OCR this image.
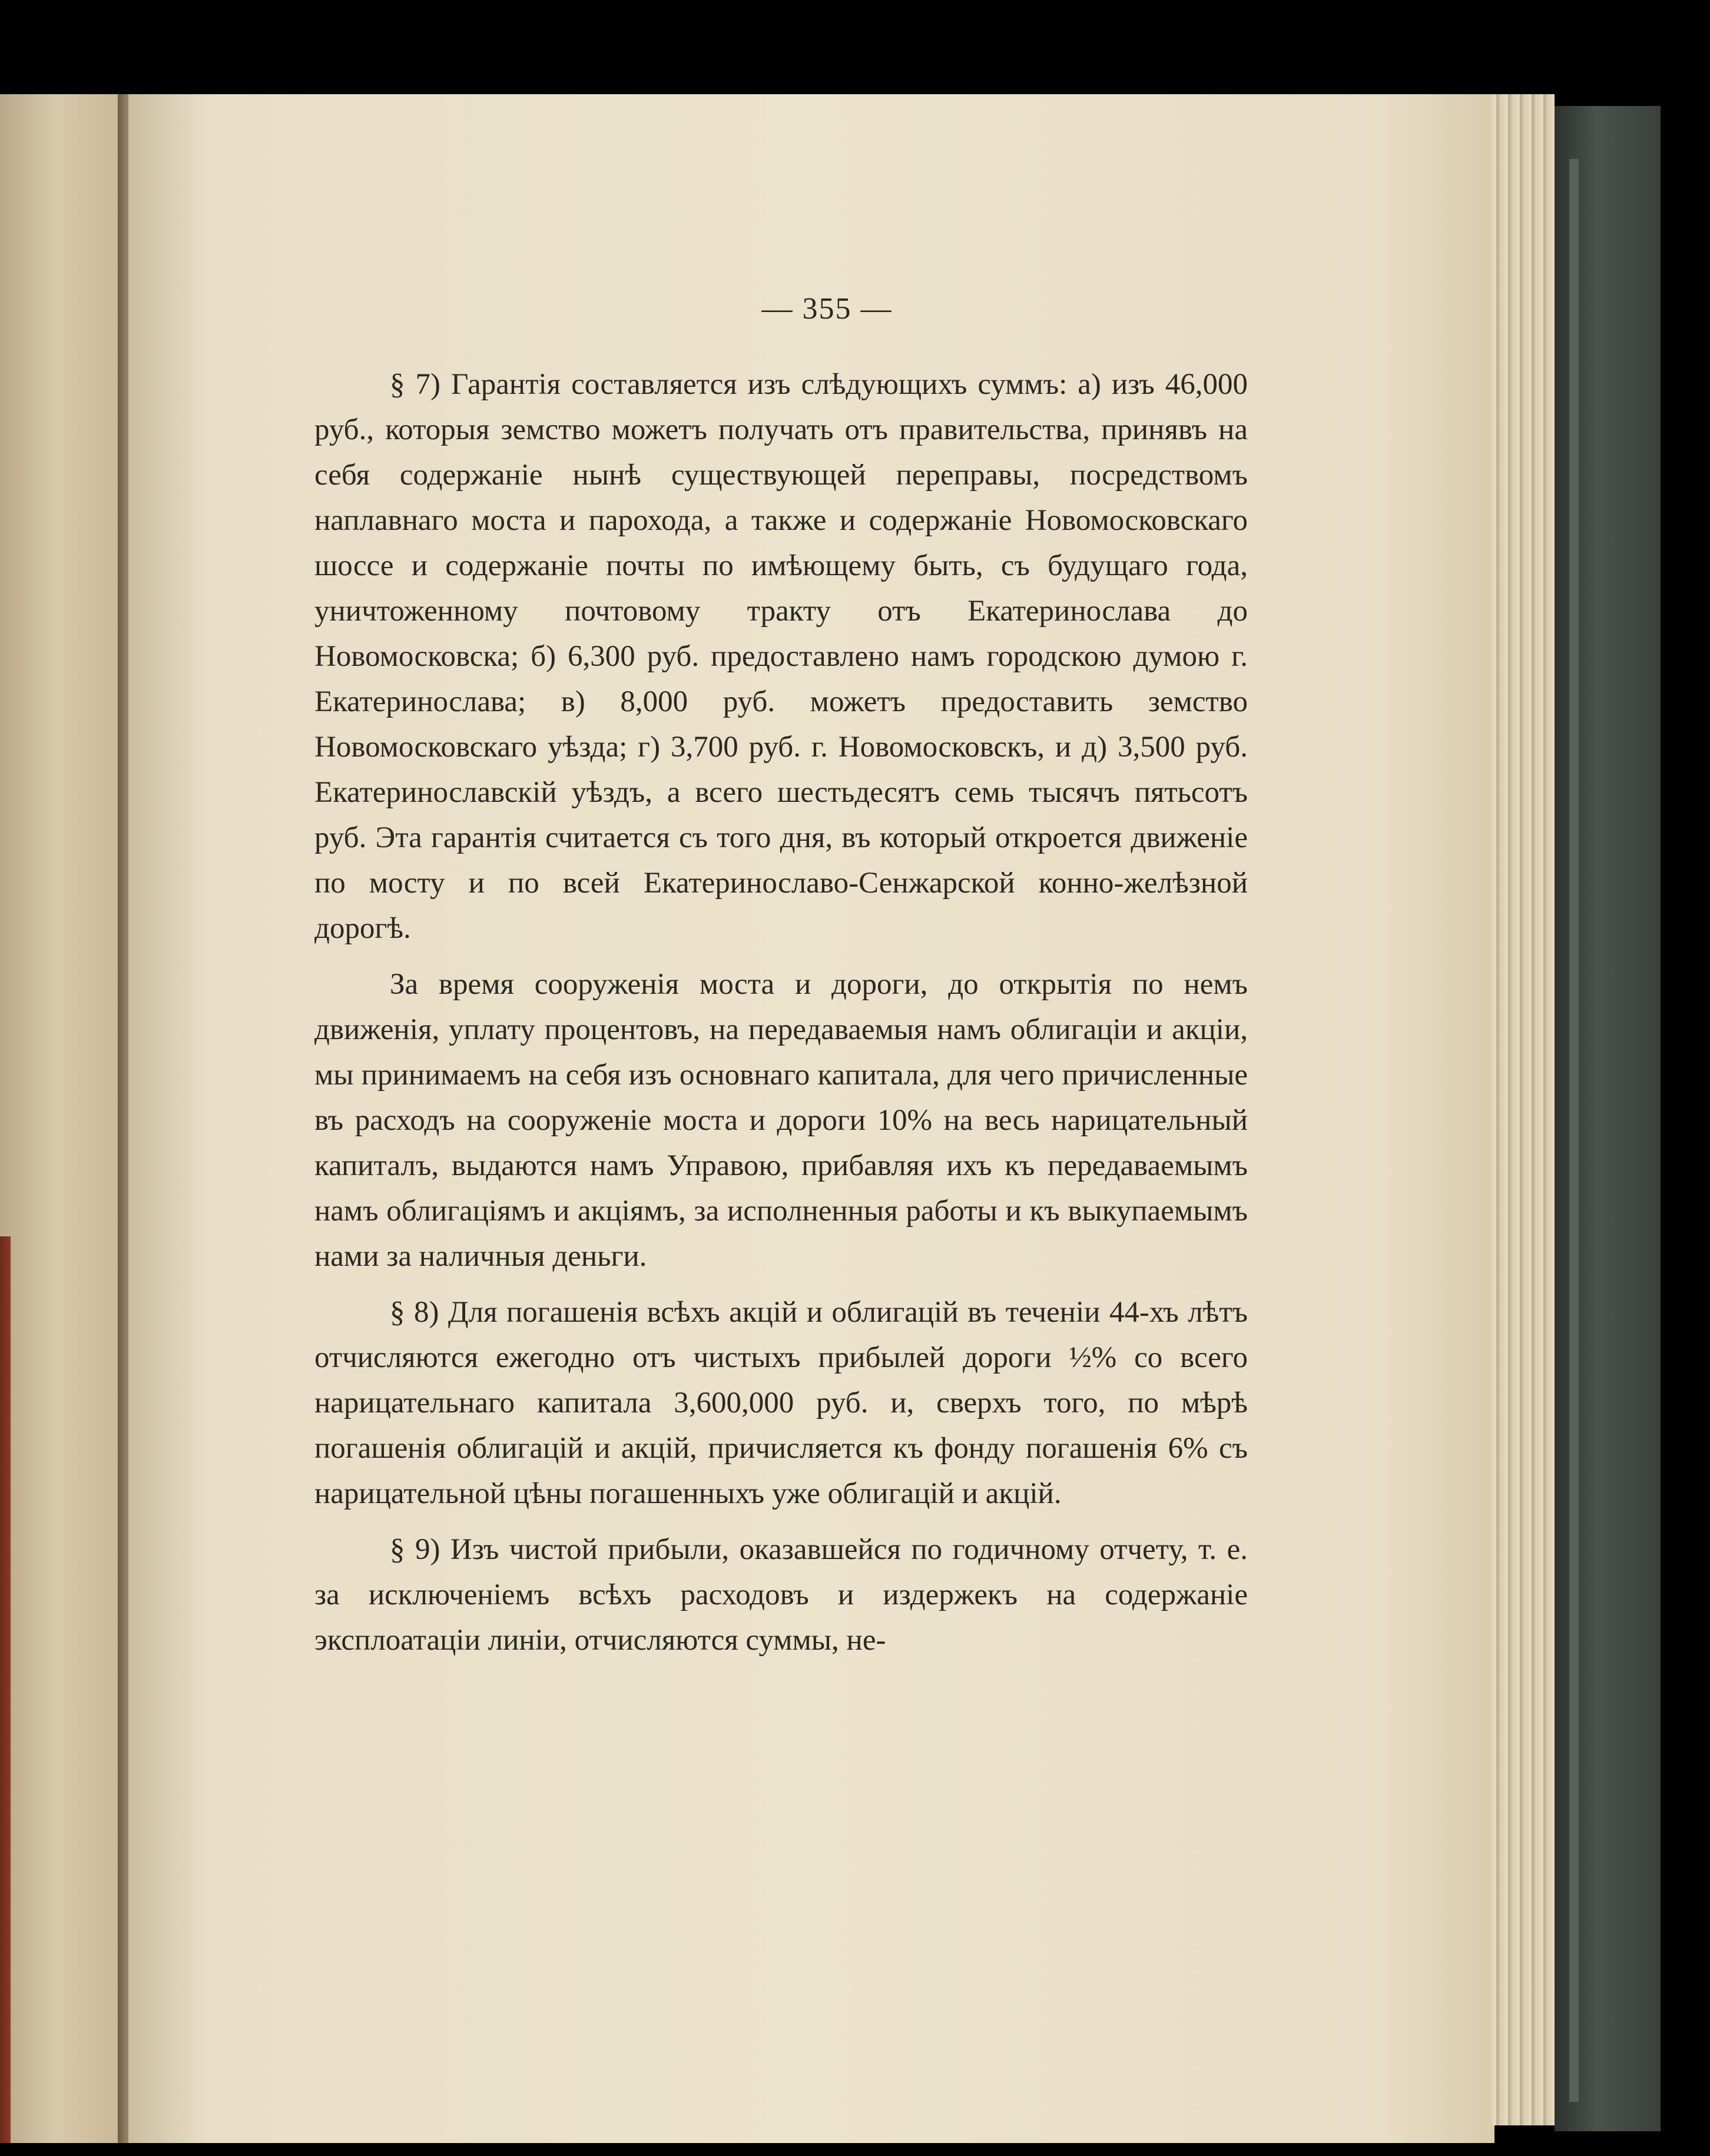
— 355 —

§ 7) Гарантія составляется изъ слѣдующихъ суммъ: а) изъ 46,000 руб., которыя земство можетъ получать отъ правительства, принявъ на себя содержаніе нынѣ существующей переправы, посредствомъ наплавнаго моста и парохода, а также и содержаніе Новомосковскаго шоссе и содержаніе почты по имѣющему быть, съ будущаго года, уничтоженному почтовому тракту отъ Екатеринослава до Новомосковска; б) 6,300 руб. предоставлено намъ городскою думою г. Екатеринослава; в) 8,000 руб. можетъ предоставить земство Новомосковскаго уѣзда; г) 3,700 руб. г. Новомосковскъ, и д) 3,500 руб. Екатеринославскій уѣздъ, а всего шестьдесятъ семь тысячъ пятьсотъ руб. Эта гарантія считается съ того дня, въ который откроется движеніе по мосту и по всей Екатеринославо-Сенжарской конно-желѣзной дорогѣ.

За время сооруженія моста и дороги, до открытія по немъ движенія, уплату процентовъ, на передаваемыя намъ облигаціи и акціи, мы принимаемъ на себя изъ основнаго капитала, для чего причисленные въ расходъ на сооруженіе моста и дороги 10% на весь нарицательный капиталъ, выдаются намъ Управою, прибавляя ихъ къ передаваемымъ намъ облигаціямъ и акціямъ, за исполненныя работы и къ выкупаемымъ нами за наличныя деньги.

§ 8) Для погашенія всѣхъ акцій и облигацій въ теченіи 44-хъ лѣтъ отчисляются ежегодно отъ чистыхъ прибылей дороги ½% со всего нарицательнаго капитала 3,600,000 руб. и, сверхъ того, по мѣрѣ погашенія облигацій и акцій, причисляется къ фонду погашенія 6% съ нарицательной цѣны погашенныхъ уже облигацій и акцій.

§ 9) Изъ чистой прибыли, оказавшейся по годичному отчету, т. е. за исключеніемъ всѣхъ расходовъ и издержекъ на содержаніе эксплоатаціи линіи, отчисляются суммы, не-
